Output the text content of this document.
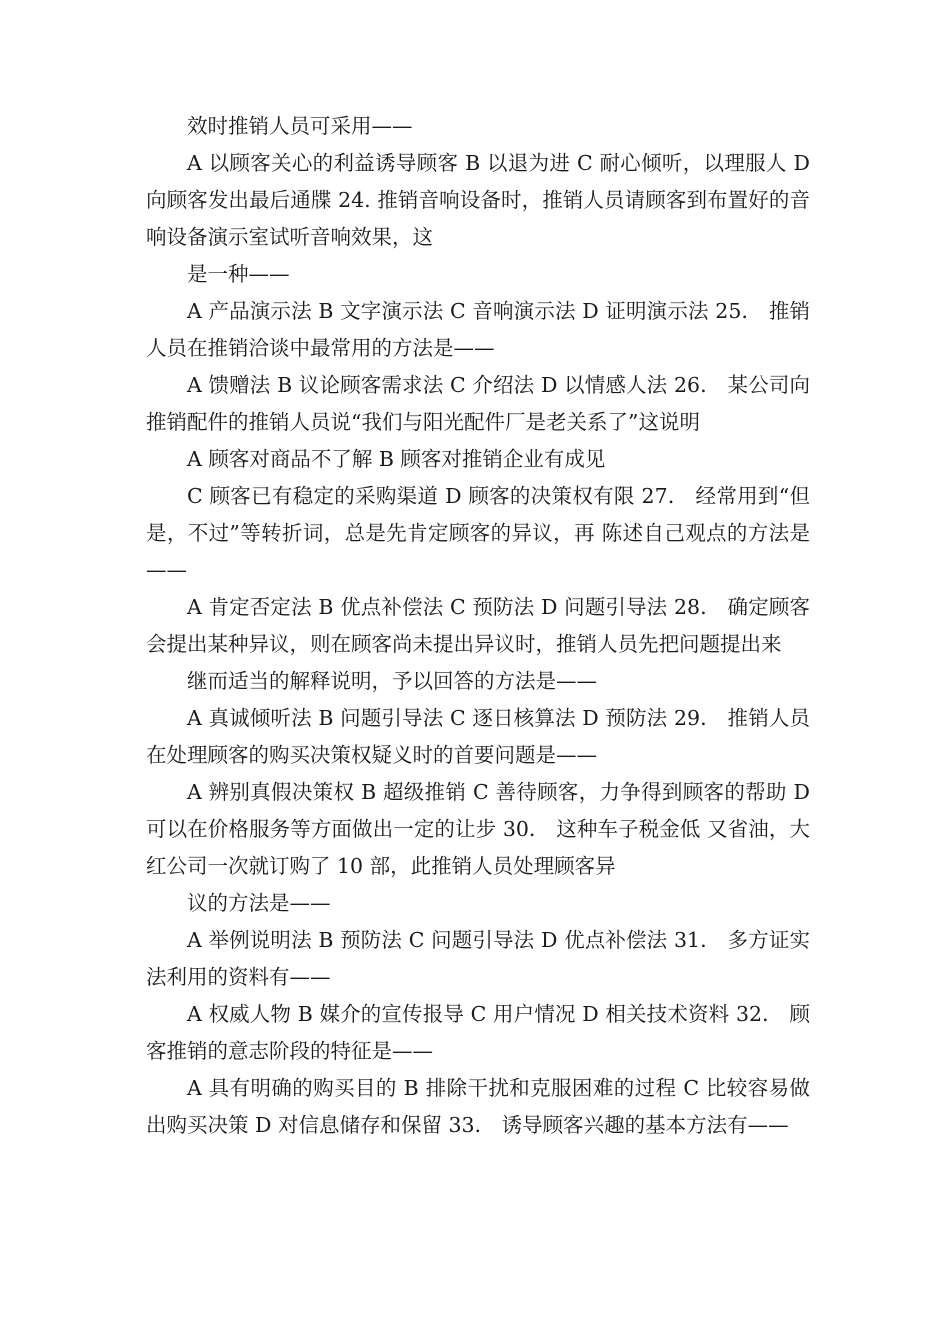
效时推销人员可采用——

A 以顾客关心的利益诱导顾客 B 以退为进 C 耐心倾听，以理服人 D 向顾客发出最后通牒 24. 推销音响设备时，推销人员请顾客到布置好的音响设备演示室试听音响效果，这

是一种——

A 产品演示法 B 文字演示法 C 音响演示法 D 证明演示法 25． 推销人员在推销洽谈中最常用的方法是——

A 馈赠法 B 议论顾客需求法 C 介绍法 D 以情感人法 26． 某公司向推销配件的推销人员说“我们与阳光配件厂是老关系了”这说明

A 顾客对商品不了解 B 顾客对推销企业有成见

C 顾客已有稳定的采购渠道 D 顾客的决策权有限 27． 经常用到“但是，不过”等转折词，总是先肯定顾客的异议，再 陈述自己观点的方法是——

A 肯定否定法 B 优点补偿法 C 预防法 D 问题引导法 28． 确定顾客会提出某种异议，则在顾客尚未提出异议时，推销人员先把问题提出来

继而适当的解释说明，予以回答的方法是——

A 真诚倾听法 B 问题引导法 C 逐日核算法 D 预防法 29． 推销人员在处理顾客的购买决策权疑义时的首要问题是——

A 辨别真假决策权 B 超级推销 C 善待顾客，力争得到顾客的帮助 D 可以在价格服务等方面做出一定的让步 30． 这种车子税金低 又省油，大红公司一次就订购了 10 部，此推销人员处理顾客异

议的方法是——

A 举例说明法 B 预防法 C 问题引导法 D 优点补偿法 31． 多方证实法利用的资料有——

A 权威人物 B 媒介的宣传报导 C 用户情况 D 相关技术资料 32． 顾客推销的意志阶段的特征是——

A 具有明确的购买目的 B 排除干扰和克服困难的过程 C 比较容易做出购买决策 D 对信息储存和保留 33． 诱导顾客兴趣的基本方法有——
